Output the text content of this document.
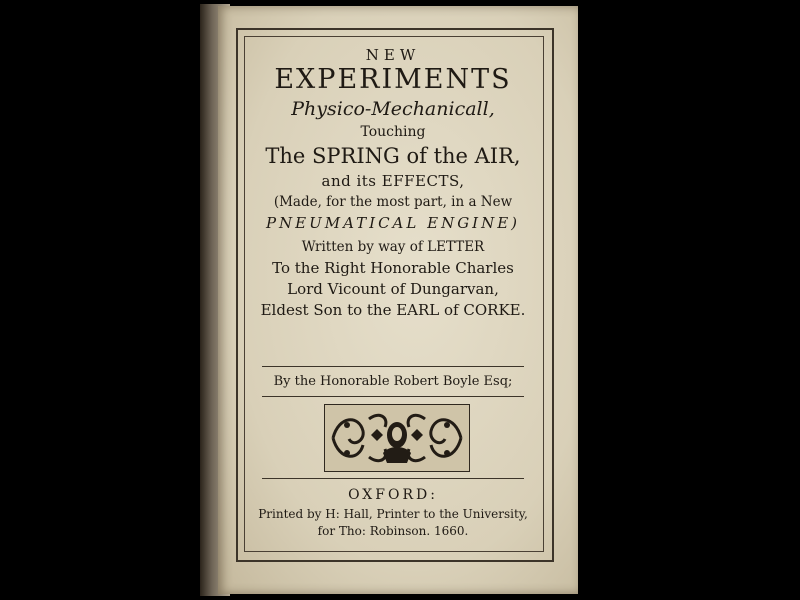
NEW
EXPERIMENTS
Physico-Mechanicall,
Touching
The SPRING of the AIR,
and its EFFECTS,
(Made, for the most part, in a New
PNEUMATICAL ENGINE)
Written by way of LETTER
To the Right Honorable Charles
Lord Vicount of Dungarvan,
Eldest Son to the EARL of CORKE.
By the Honorable Robert Boyle Esq;
OXFORD:
Printed by H: Hall, Printer to the University,
for Tho: Robinson. 1660.
